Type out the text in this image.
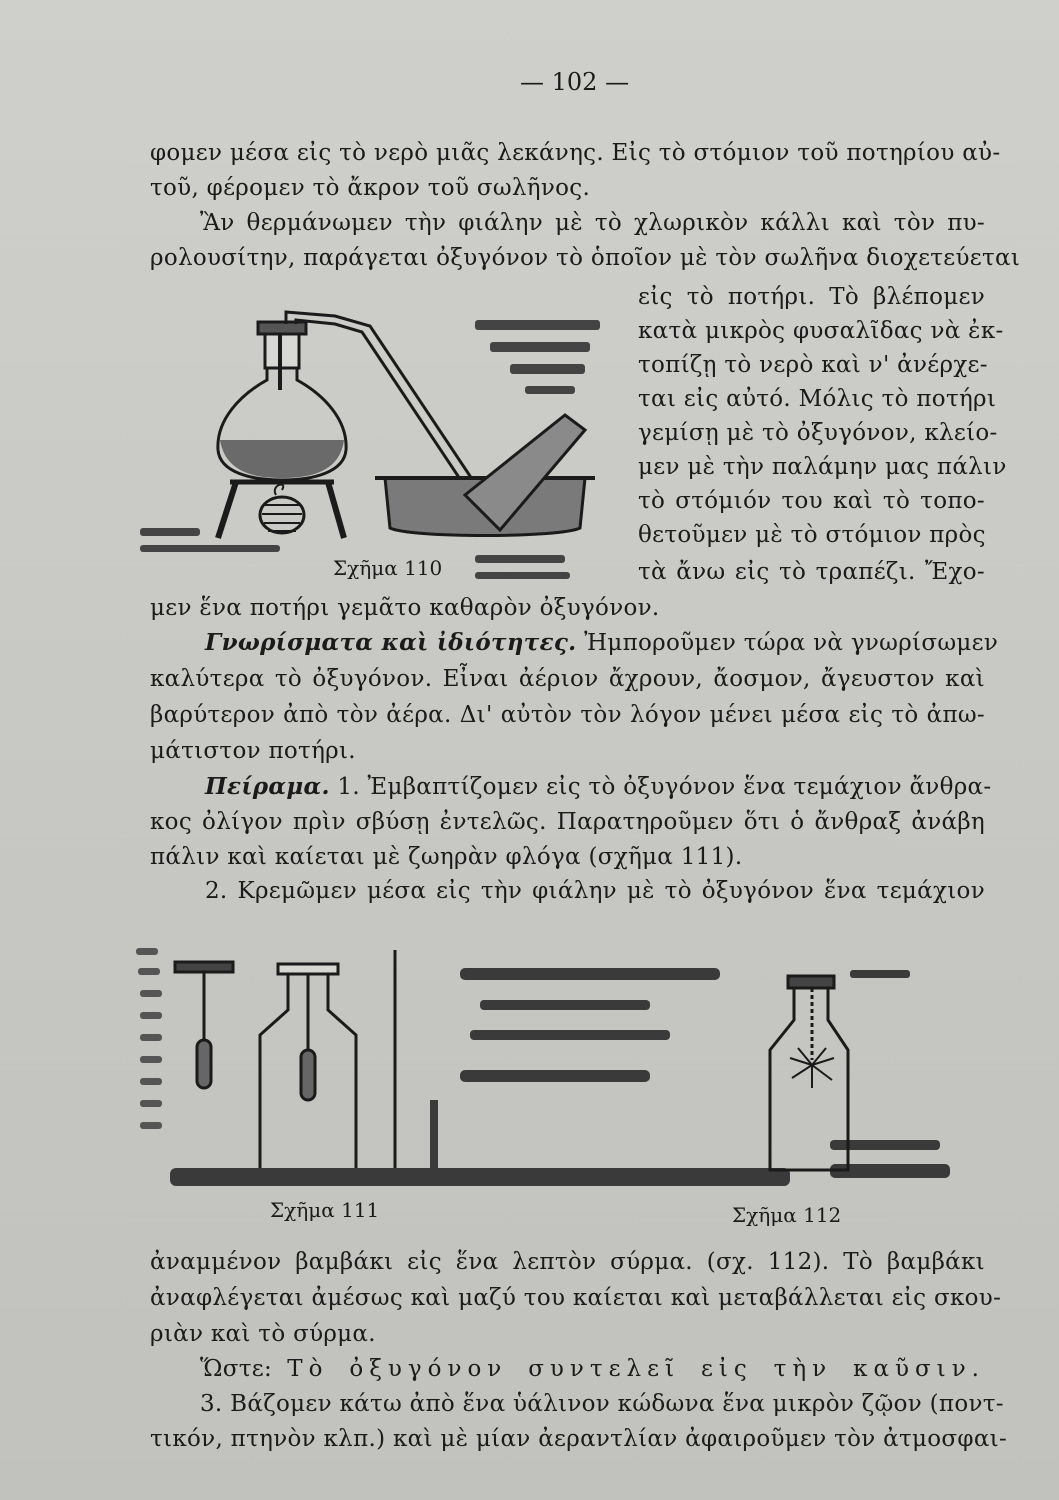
— 102 —
φομεν μέσα εἰς τὸ νερὸ μιᾶς λεκάνης. Εἰς τὸ στόμιον τοῦ ποτηρίου αὐ-
τοῦ, φέρομεν τὸ ἄκρον τοῦ σωλῆνος.
Ἂν θερμάνωμεν τὴν φιάλην μὲ τὸ χλωρικὸν κάλλι καὶ τὸν πυ-
ρολουσίτην, παράγεται ὀξυγόνον τὸ ὁποῖον μὲ τὸν σωλῆνα διοχετεύεται
εἰς τὸ ποτήρι. Τὸ βλέπομεν
κατὰ μικρὸς φυσαλῖδας νὰ ἐκ-
τοπίζῃ τὸ νερὸ καὶ ν' ἀνέρχε-
ται εἰς αὐτό. Μόλις τὸ ποτήρι
γεμίσῃ μὲ τὸ ὀξυγόνον, κλείο-
μεν μὲ τὴν παλάμην μας πάλιν
τὸ στόμιόν του καὶ τὸ τοπο-
θετοῦμεν μὲ τὸ στόμιον πρὸς
τὰ ἄνω εἰς τὸ τραπέζι. Ἔχο-
Σχῆμα 110
μεν ἕνα ποτήρι γεμᾶτο καθαρὸν ὀξυγόνον.
Γνωρίσματα καὶ ἰδιότητες. Ἠμποροῦμεν τώρα νὰ γνωρίσωμεν
καλύτερα τὸ ὀξυγόνον. Εἶναι ἀέριον ἄχρουν, ἄοσμον, ἄγευστον καὶ
βαρύτερον ἀπὸ τὸν ἀέρα. Δι' αὐτὸν τὸν λόγον μένει μέσα εἰς τὸ ἀπω-
μάτιστον ποτήρι.
Πείραμα. 1. Ἐμβαπτίζομεν εἰς τὸ ὀξυγόνον ἕνα τεμάχιον ἄνθρα-
κος ὀλίγον πρὶν σβύσῃ ἐντελῶς. Παρατηροῦμεν ὅτι ὁ ἄνθραξ ἀνάβη
πάλιν καὶ καίεται μὲ ζωηρὰν φλόγα (σχῆμα 111).
2. Κρεμῶμεν μέσα εἰς τὴν φιάλην μὲ τὸ ὀξυγόνον ἕνα τεμάχιον
Σχῆμα 111	Σχῆμα 112
ἀναμμένον βαμβάκι εἰς ἕνα λεπτὸν σύρμα. (σχ. 112). Τὸ βαμβάκι
ἀναφλέγεται ἀμέσως καὶ μαζύ του καίεται καὶ μεταβάλλεται εἰς σκου-
ριὰν καὶ τὸ σύρμα.
Ὥστε: Τὸ ὀξυγόνον συντελεῖ εἰς τὴν καῦσιν.
3. Βάζομεν κάτω ἀπὸ ἕνα ὑάλινον κώδωνα ἕνα μικρὸν ζῷον (ποντ-
τικόν, πτηνὸν κλπ.) καὶ μὲ μίαν ἀεραντλίαν ἀφαιροῦμεν τὸν ἀτμοσφαι-
